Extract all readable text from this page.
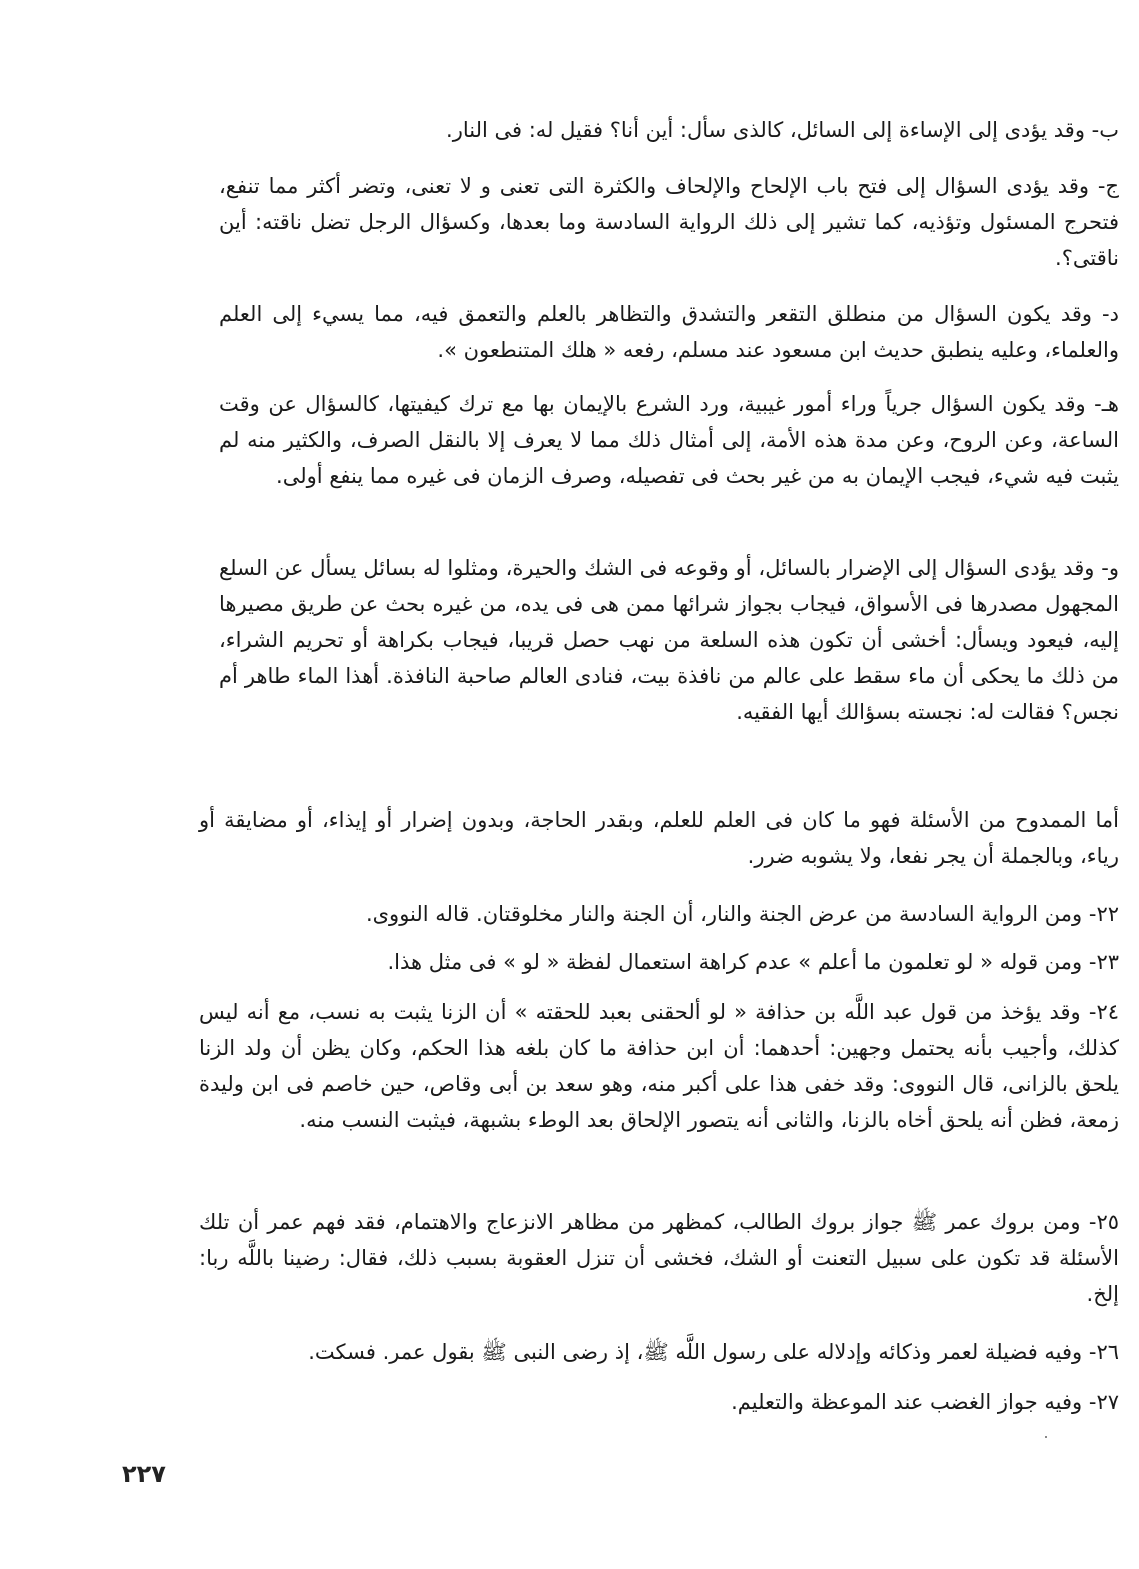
ب- وقد يؤدى إلى الإساءة إلى السائل، كالذى سأل: أين أنا؟ فقيل له: فى النار.
ج- وقد يؤدى السؤال إلى فتح باب الإلحاح والإلحاف والكثرة التى تعنى و لا تعنى، وتضر أكثر مما تنفع، فتحرج المسئول وتؤذيه، كما تشير إلى ذلك الرواية السادسة وما بعدها، وكسؤال الرجل تضل ناقته: أين ناقتى؟.
د- وقد يكون السؤال من منطلق التقعر والتشدق والتظاهر بالعلم والتعمق فيه، مما يسيء إلى العلم والعلماء، وعليه ينطبق حديث ابن مسعود عند مسلم، رفعه « هلك المتنطعون ».
هـ- وقد يكون السؤال جرياً وراء أمور غيبية، ورد الشرع بالإيمان بها مع ترك كيفيتها، كالسؤال عن وقت الساعة، وعن الروح، وعن مدة هذه الأمة، إلى أمثال ذلك مما لا يعرف إلا بالنقل الصرف، والكثير منه لم يثبت فيه شيء، فيجب الإيمان به من غير بحث فى تفصيله، وصرف الزمان فى غيره مما ينفع أولى.
و- وقد يؤدى السؤال إلى الإضرار بالسائل، أو وقوعه فى الشك والحيرة، ومثلوا له بسائل يسأل عن السلع المجهول مصدرها فى الأسواق، فيجاب بجواز شرائها ممن هى فى يده، من غيره بحث عن طريق مصيرها إليه، فيعود ويسأل: أخشى أن تكون هذه السلعة من نهب حصل قريبا، فيجاب بكراهة أو تحريم الشراء، من ذلك ما يحكى أن ماء سقط على عالم من نافذة بيت، فنادى العالم صاحبة النافذة. أهذا الماء طاهر أم نجس؟ فقالت له: نجسته بسؤالك أيها الفقيه.
أما الممدوح من الأسئلة فهو ما كان فى العلم للعلم، وبقدر الحاجة، وبدون إضرار أو إيذاء، أو مضايقة أو رياء، وبالجملة أن يجر نفعا، ولا يشوبه ضرر.
٢٢- ومن الرواية السادسة من عرض الجنة والنار، أن الجنة والنار مخلوقتان. قاله النووى.
٢٣- ومن قوله « لو تعلمون ما أعلم » عدم كراهة استعمال لفظة « لو » فى مثل هذا.
٢٤- وقد يؤخذ من قول عبد اللَّه بن حذافة « لو ألحقنى بعبد للحقته » أن الزنا يثبت به نسب، مع أنه ليس كذلك، وأجيب بأنه يحتمل وجهين: أحدهما: أن ابن حذافة ما كان بلغه هذا الحكم، وكان يظن أن ولد الزنا يلحق بالزانى، قال النووى: وقد خفى هذا على أكبر منه، وهو سعد بن أبى وقاص، حين خاصم فى ابن وليدة زمعة، فظن أنه يلحق أخاه بالزنا، والثانى أنه يتصور الإلحاق بعد الوطء بشبهة، فيثبت النسب منه.
٢٥- ومن بروك عمر ﷺ جواز بروك الطالب، كمظهر من مظاهر الانزعاج والاهتمام، فقد فهم عمر أن تلك الأسئلة قد تكون على سبيل التعنت أو الشك، فخشى أن تنزل العقوبة بسبب ذلك، فقال: رضينا باللَّه ربا: إلخ.
٢٦- وفيه فضيلة لعمر وذكائه وإدلاله على رسول اللَّه ﷺ، إذ رضى النبى ﷺ بقول عمر. فسكت.
٢٧- وفيه جواز الغضب عند الموعظة والتعليم.
٢٢٧
